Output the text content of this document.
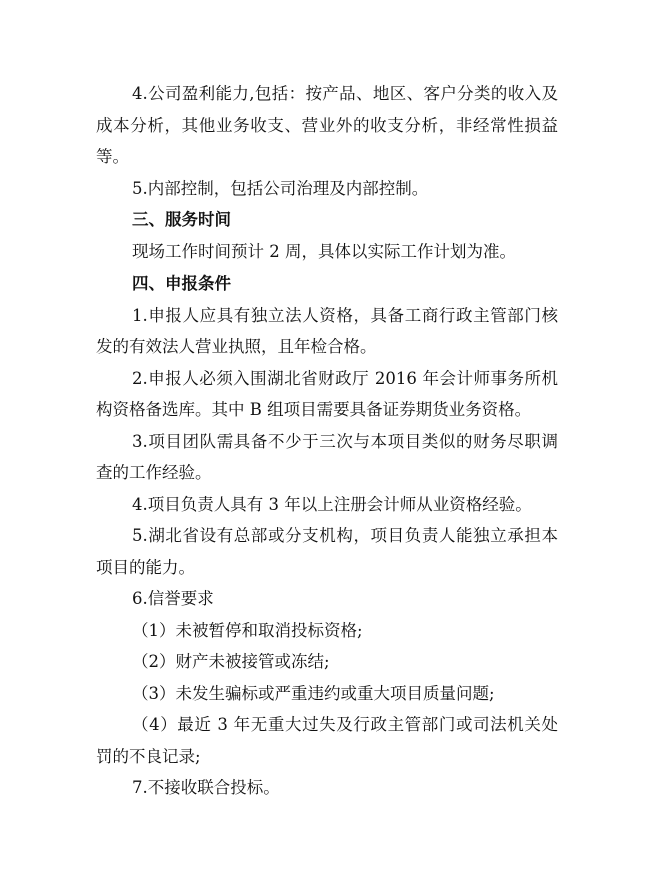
4.公司盈利能力,包括：按产品、地区、客户分类的收入及成本分析，其他业务收支、营业外的收支分析，非经常性损益等。

5.内部控制，包括公司治理及内部控制。

三、服务时间

现场工作时间预计 2 周，具体以实际工作计划为准。

四、申报条件

1.申报人应具有独立法人资格，具备工商行政主管部门核发的有效法人营业执照，且年检合格。

2.申报人必须入围湖北省财政厅 2016 年会计师事务所机构资格备选库。其中 B 组项目需要具备证券期货业务资格。

3.项目团队需具备不少于三次与本项目类似的财务尽职调查的工作经验。

4.项目负责人具有 3 年以上注册会计师从业资格经验。

5.湖北省设有总部或分支机构，项目负责人能独立承担本项目的能力。

6.信誉要求

（1）未被暂停和取消投标资格;

（2）财产未被接管或冻结;

（3）未发生骗标或严重违约或重大项目质量问题;

（4）最近 3 年无重大过失及行政主管部门或司法机关处罚的不良记录;

7.不接收联合投标。
